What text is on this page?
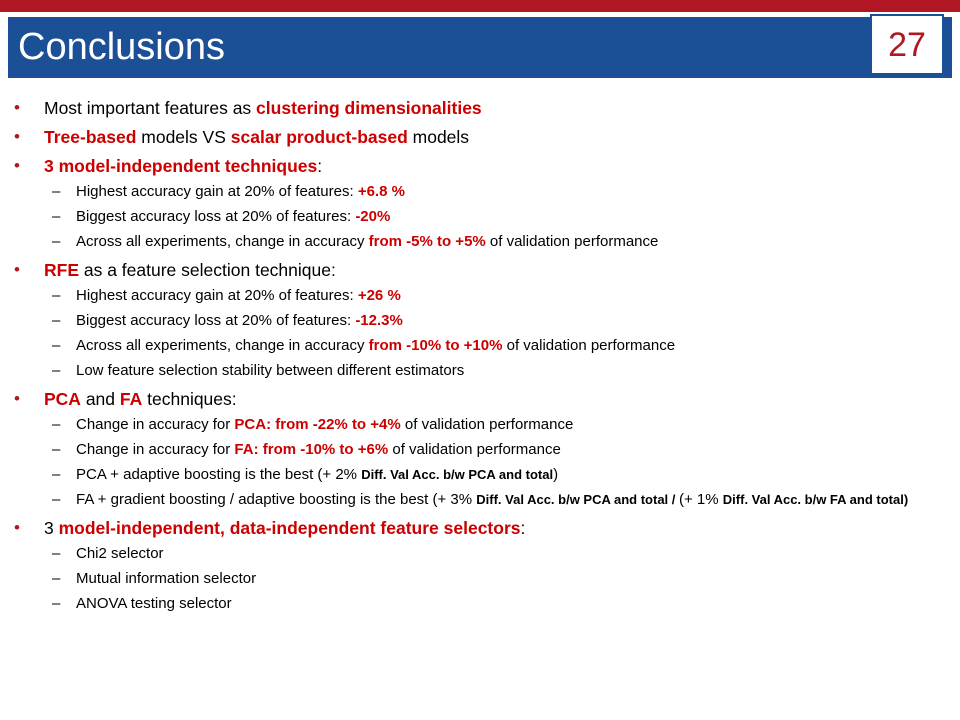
Conclusions	27
• Most important features as clustering dimensionalities
• Tree-based models VS scalar product-based models
• 3 model-independent techniques:
– Highest accuracy gain at 20% of features: +6.8 %
– Biggest accuracy loss at 20% of features: -20%
– Across all experiments, change in accuracy from -5% to +5% of validation performance
• RFE as a feature selection technique:
– Highest accuracy gain at 20% of features: +26 %
– Biggest accuracy loss at 20% of features: -12.3%
– Across all experiments, change in accuracy from -10% to +10% of validation performance
– Low feature selection stability between different estimators
• PCA and FA techniques:
– Change in accuracy for PCA: from -22% to +4% of validation performance
– Change in accuracy for FA: from -10% to +6% of validation performance
– PCA + adaptive boosting is the best (+ 2% Diff. Val Acc. b/w PCA and total)
– FA + gradient boosting / adaptive boosting is the best (+ 3% Diff. Val Acc. b/w PCA and total / (+ 1% Diff. Val Acc. b/w FA and total)
• 3 model-independent, data-independent feature selectors:
– Chi2 selector
– Mutual information selector
– ANOVA testing selector
